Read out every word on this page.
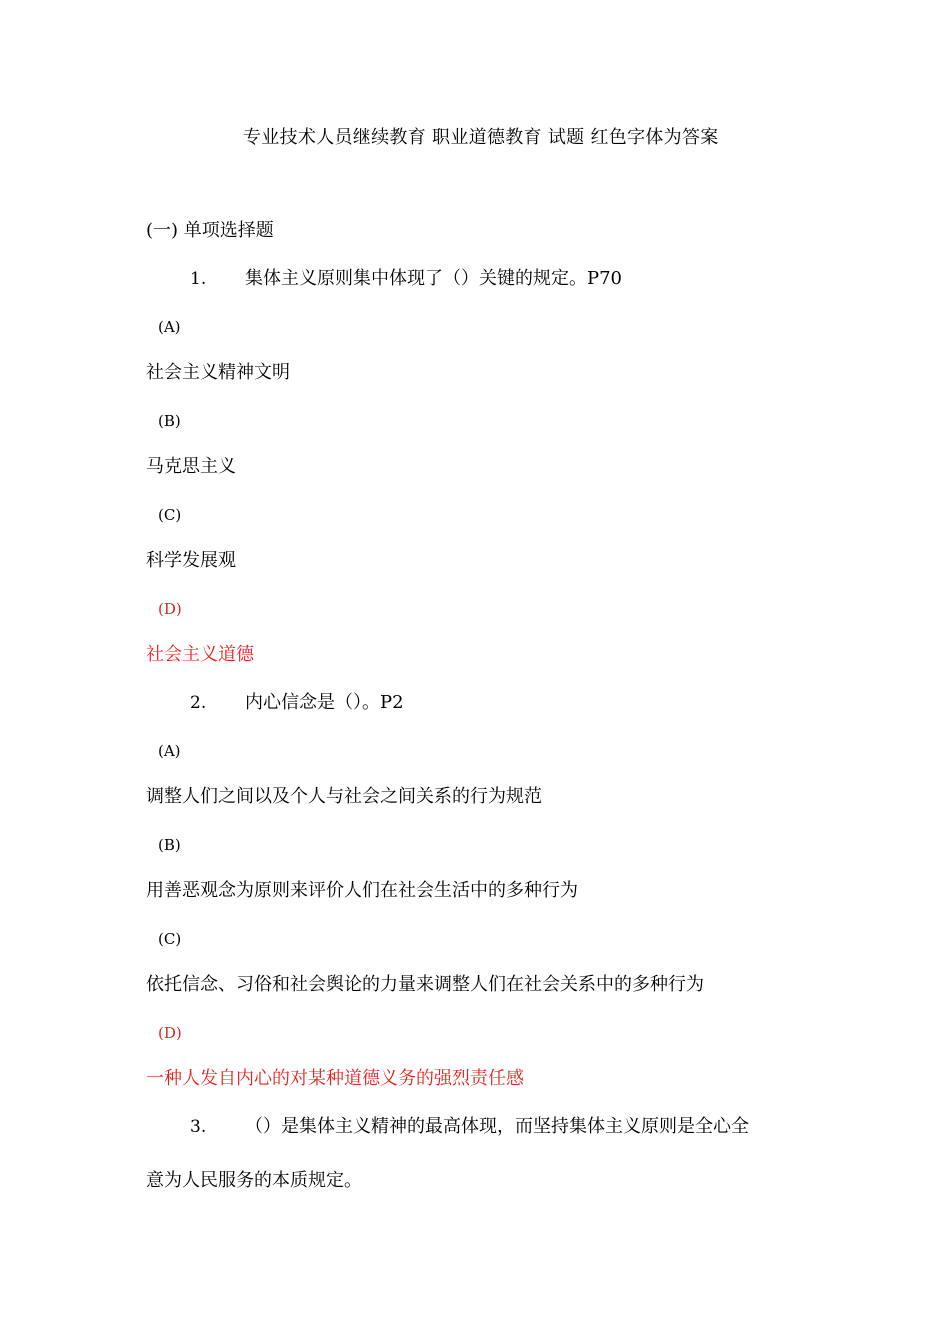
专业技术人员继续教育 职业道德教育 试题 红色字体为答案
(一) 单项选择题
1. 集体主义原则集中体现了（）关键的规定。P70
(A)
社会主义精神文明
(B)
马克思主义
(C)
科学发展观
(D)
社会主义道德
2. 内心信念是（）。P2
(A)
调整人们之间以及个人与社会之间关系的行为规范
(B)
用善恶观念为原则来评价人们在社会生活中的多种行为
(C)
依托信念、习俗和社会舆论的力量来调整人们在社会关系中的多种行为
(D)
一种人发自内心的对某种道德义务的强烈责任感
3. （）是集体主义精神的最高体现，而坚持集体主义原则是全心全
意为人民服务的本质规定。
